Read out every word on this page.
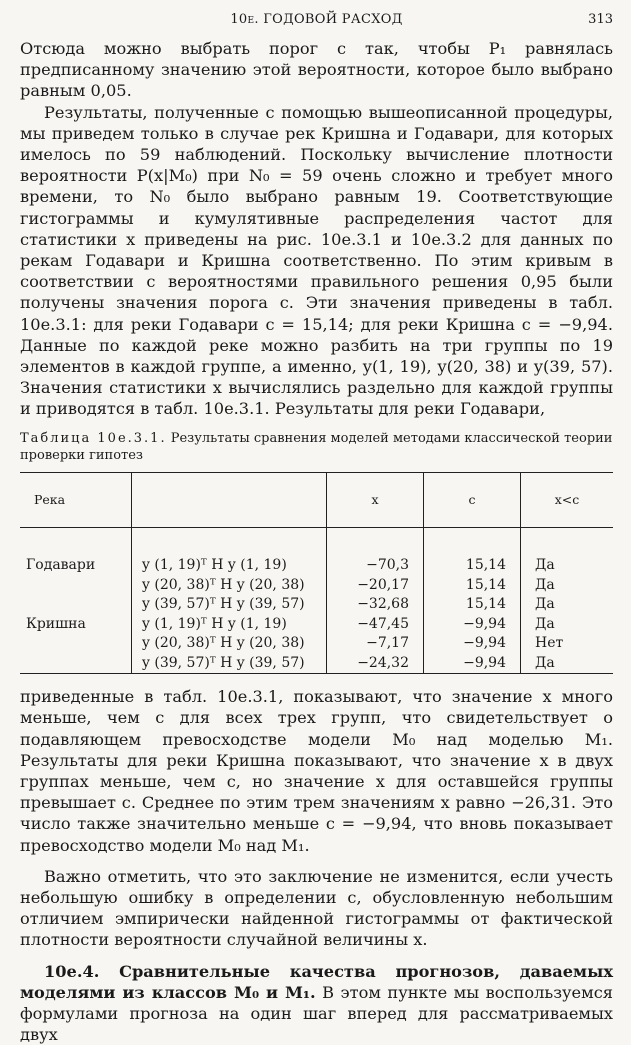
10е. ГОДОВОЙ РАСХОД	313

Отсюда можно выбрать порог c так, чтобы P₁ равнялась предписанному значению этой вероятности, которое было выбрано равным 0,05.

Результаты, полученные с помощью вышеописанной процедуры, мы приведем только в случае рек Кришна и Годавари, для которых имелось по 59 наблюдений. Поскольку вычисление плотности вероятности P(x|M₀) при N₀ = 59 очень сложно и требует много времени, то N₀ было выбрано равным 19. Соответствующие гистограммы и кумулятивные распределения частот для статистики x приведены на рис. 10е.3.1 и 10е.3.2 для данных по рекам Годавари и Кришна соответственно. По этим кривым в соответствии с вероятностями правильного решения 0,95 были получены значения порога c. Эти значения приведены в табл. 10е.3.1: для реки Годавари c = 15,14; для реки Кришна c = −9,94. Данные по каждой реке можно разбить на три группы по 19 элементов в каждой группе, а именно, y(1, 19), y(20, 38) и y(39, 57). Значения статистики x вычислялись раздельно для каждой группы и приводятся в табл. 10е.3.1. Результаты для реки Годавари,

Таблица 10е.3.1. Результаты сравнения моделей методами классической теории проверки гипотез
Река		x	c	x<c

Годавари	y (1, 19)ᵀ H y (1, 19)	−70,3	15,14	Да
	y (20, 38)ᵀ H y (20, 38)	−20,17	15,14	Да
	y (39, 57)ᵀ H y (39, 57)	−32,68	15,14	Да
Кришна	y (1, 19)ᵀ H y (1, 19)	−47,45	−9,94	Да
	y (20, 38)ᵀ H y (20, 38)	−7,17	−9,94	Нет
	y (39, 57)ᵀ H y (39, 57)	−24,32	−9,94	Да

приведенные в табл. 10е.3.1, показывают, что значение x много меньше, чем c для всех трех групп, что свидетельствует о подавляющем превосходстве модели M₀ над моделью M₁. Результаты для реки Кришна показывают, что значение x в двух группах меньше, чем c, но значение x для оставшейся группы превышает c. Среднее по этим трем значениям x равно −26,31. Это число также значительно меньше c = −9,94, что вновь показывает превосходство модели M₀ над M₁.

Важно отметить, что это заключение не изменится, если учесть небольшую ошибку в определении c, обусловленную небольшим отличием эмпирически найденной гистограммы от фактической плотности вероятности случайной величины x.

10е.4. Сравнительные качества прогнозов, даваемых моделями из классов M₀ и M₁. В этом пункте мы воспользуемся формулами прогноза на один шаг вперед для рассматриваемых двух
